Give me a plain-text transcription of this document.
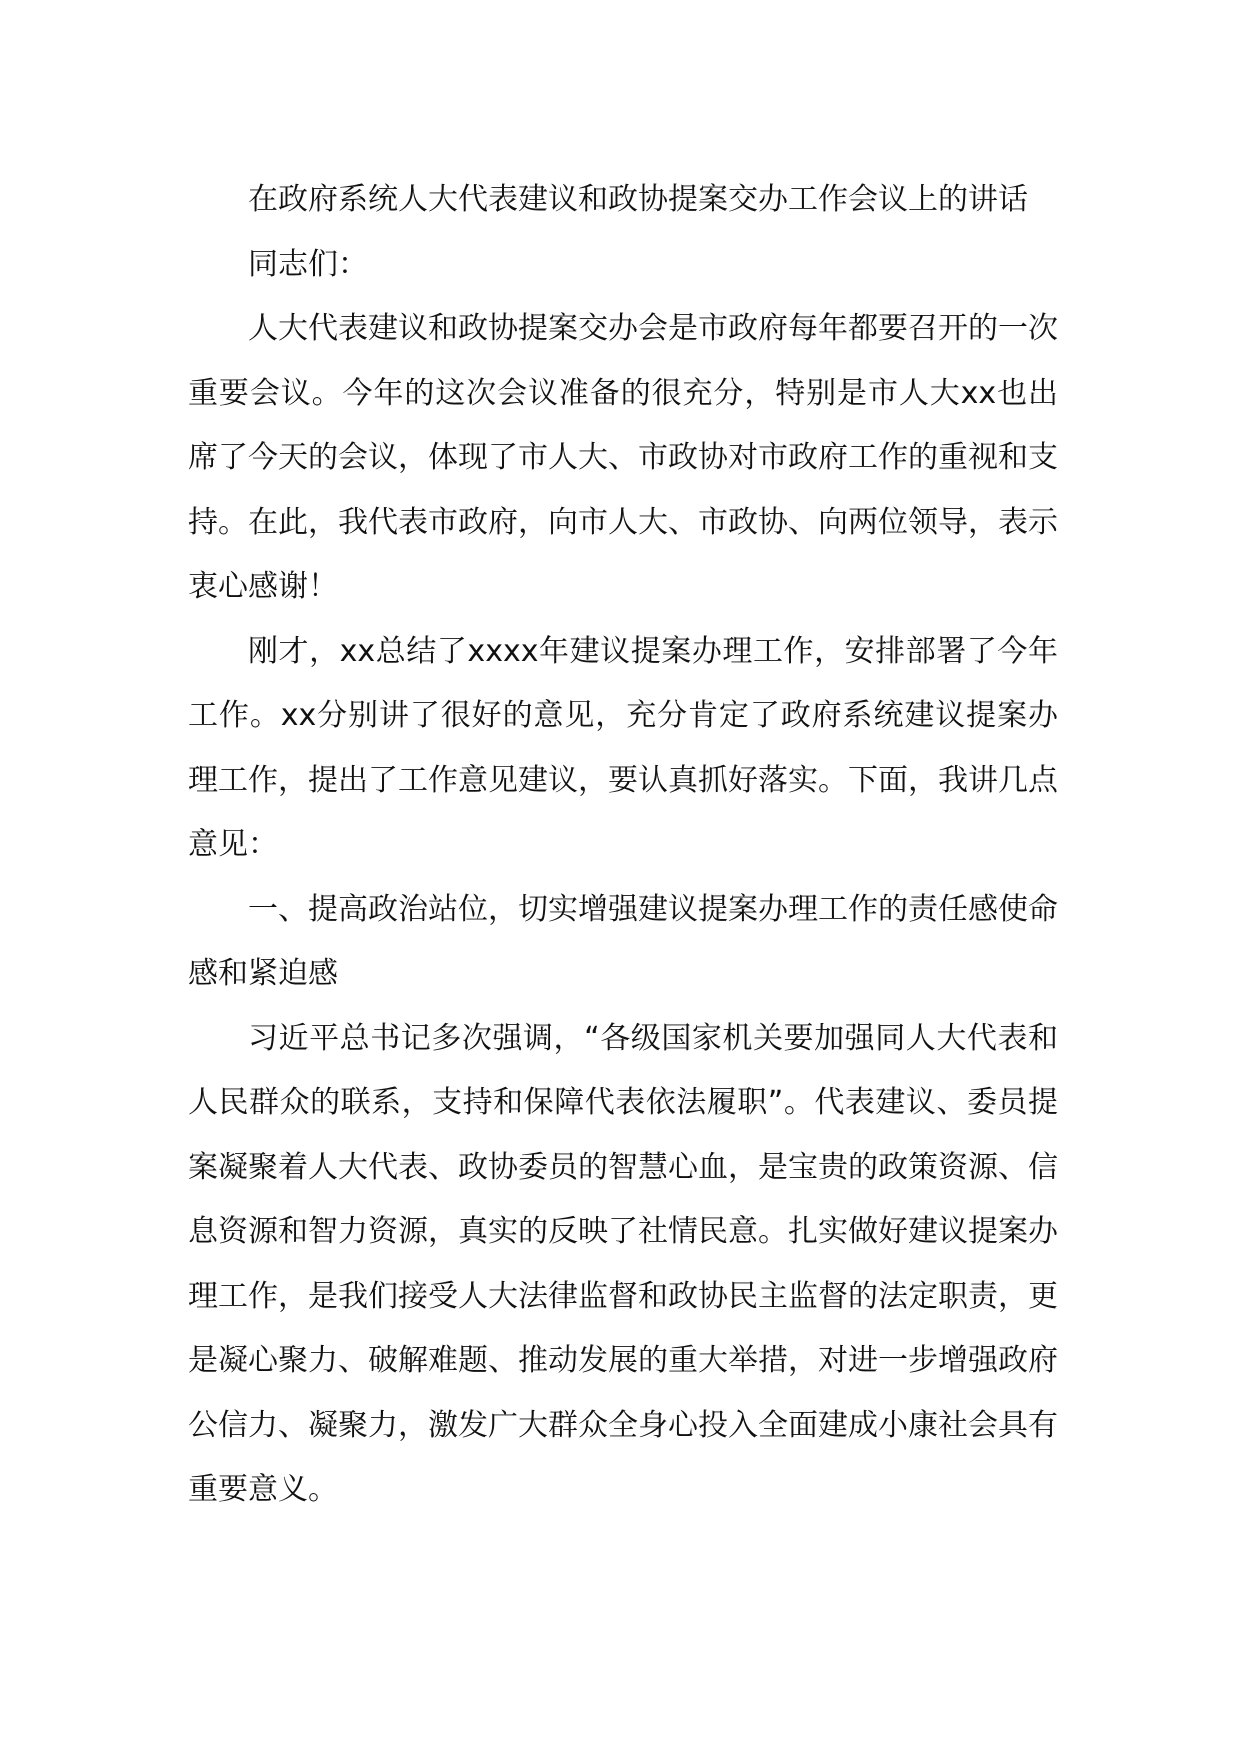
在政府系统人大代表建议和政协提案交办工作会议上的讲话

同志们：

人大代表建议和政协提案交办会是市政府每年都要召开的一次重要会议。今年的这次会议准备的很充分，特别是市人大xx也出席了今天的会议，体现了市人大、市政协对市政府工作的重视和支持。在此，我代表市政府，向市人大、市政协、向两位领导，表示衷心感谢！

刚才，xx总结了xxxx年建议提案办理工作，安排部署了今年工作。xx分别讲了很好的意见，充分肯定了政府系统建议提案办理工作，提出了工作意见建议，要认真抓好落实。下面，我讲几点意见：

一、提高政治站位，切实增强建议提案办理工作的责任感使命感和紧迫感

习近平总书记多次强调，“各级国家机关要加强同人大代表和人民群众的联系，支持和保障代表依法履职”。代表建议、委员提案凝聚着人大代表、政协委员的智慧心血，是宝贵的政策资源、信息资源和智力资源，真实的反映了社情民意。扎实做好建议提案办理工作，是我们接受人大法律监督和政协民主监督的法定职责，更是凝心聚力、破解难题、推动发展的重大举措，对进一步增强政府公信力、凝聚力，激发广大群众全身心投入全面建成小康社会具有重要意义。
